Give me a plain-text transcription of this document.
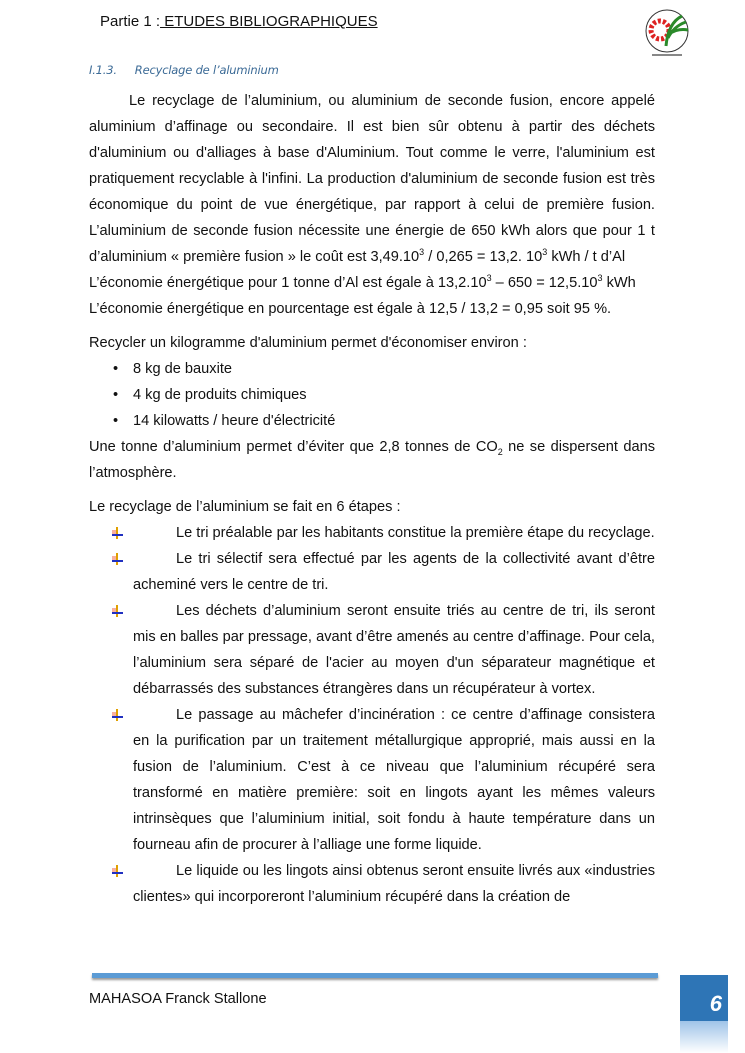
Partie 1 : ETUDES BIBLIOGRAPHIQUES
I.1.3. Recyclage de l’aluminium

Le recyclage de l’aluminium, ou aluminium de seconde fusion, encore appelé aluminium d’affinage ou secondaire. Il est bien sûr obtenu à partir des déchets d'aluminium ou d'alliages à base d'Aluminium. Tout comme le verre, l'aluminium est pratiquement recyclable à l'infini. La production d'aluminium de seconde fusion est très économique du point de vue énergétique, par rapport à celui de première fusion. L’aluminium de seconde fusion nécessite une énergie de 650 kWh alors que pour 1 t d’aluminium « première fusion » le coût est 3,49.10$^3$ / 0,265 = 13,2. $10^3$ kWh / t d’Al
L’économie énergétique pour 1 tonne d’Al est égale à $13,2.10^3 - 650 = 12,5.10^3$ kWh
L’économie énergétique en pourcentage est égale à 12,5 / 13,2 = 0,95 soit 95 %.

Recycler un kilogramme d'aluminium permet d'économiser environ :

• 8 kg de bauxite
• 4 kg de produits chimiques
• 14 kilowatts / heure d'électricité

Une tonne d’aluminium permet d’éviter que 2,8 tonnes de $CO_2$ ne se dispersent dans l’atmosphère.

Le recyclage de l’aluminium se fait en 6 étapes :

Le tri préalable par les habitants constitue la première étape du recyclage.
Le tri sélectif sera effectué par les agents de la collectivité avant d’être acheminé vers le centre de tri.
Les déchets d’aluminium seront ensuite triés au centre de tri, ils seront mis en balles par pressage, avant d’être amenés au centre d’affinage. Pour cela, l’aluminium sera séparé de l'acier au moyen d'un séparateur magnétique et débarrassés des substances étrangères dans un récupérateur à vortex.
Le passage au mâchefer d’incinération : ce centre d’affinage consistera en la purification par un traitement métallurgique approprié, mais aussi en la fusion de l’aluminium. C’est à ce niveau que l’aluminium récupéré sera transformé en matière première: soit en lingots ayant les mêmes valeurs intrinsèques que l’aluminium initial, soit fondu à haute température dans un fourneau afin de procurer à l’alliage une forme liquide.
Le liquide ou les lingots ainsi obtenus seront ensuite livrés aux «industries clientes» qui incorporeront l’aluminium récupéré dans la création de
MAHASOA Franck Stallone	6
